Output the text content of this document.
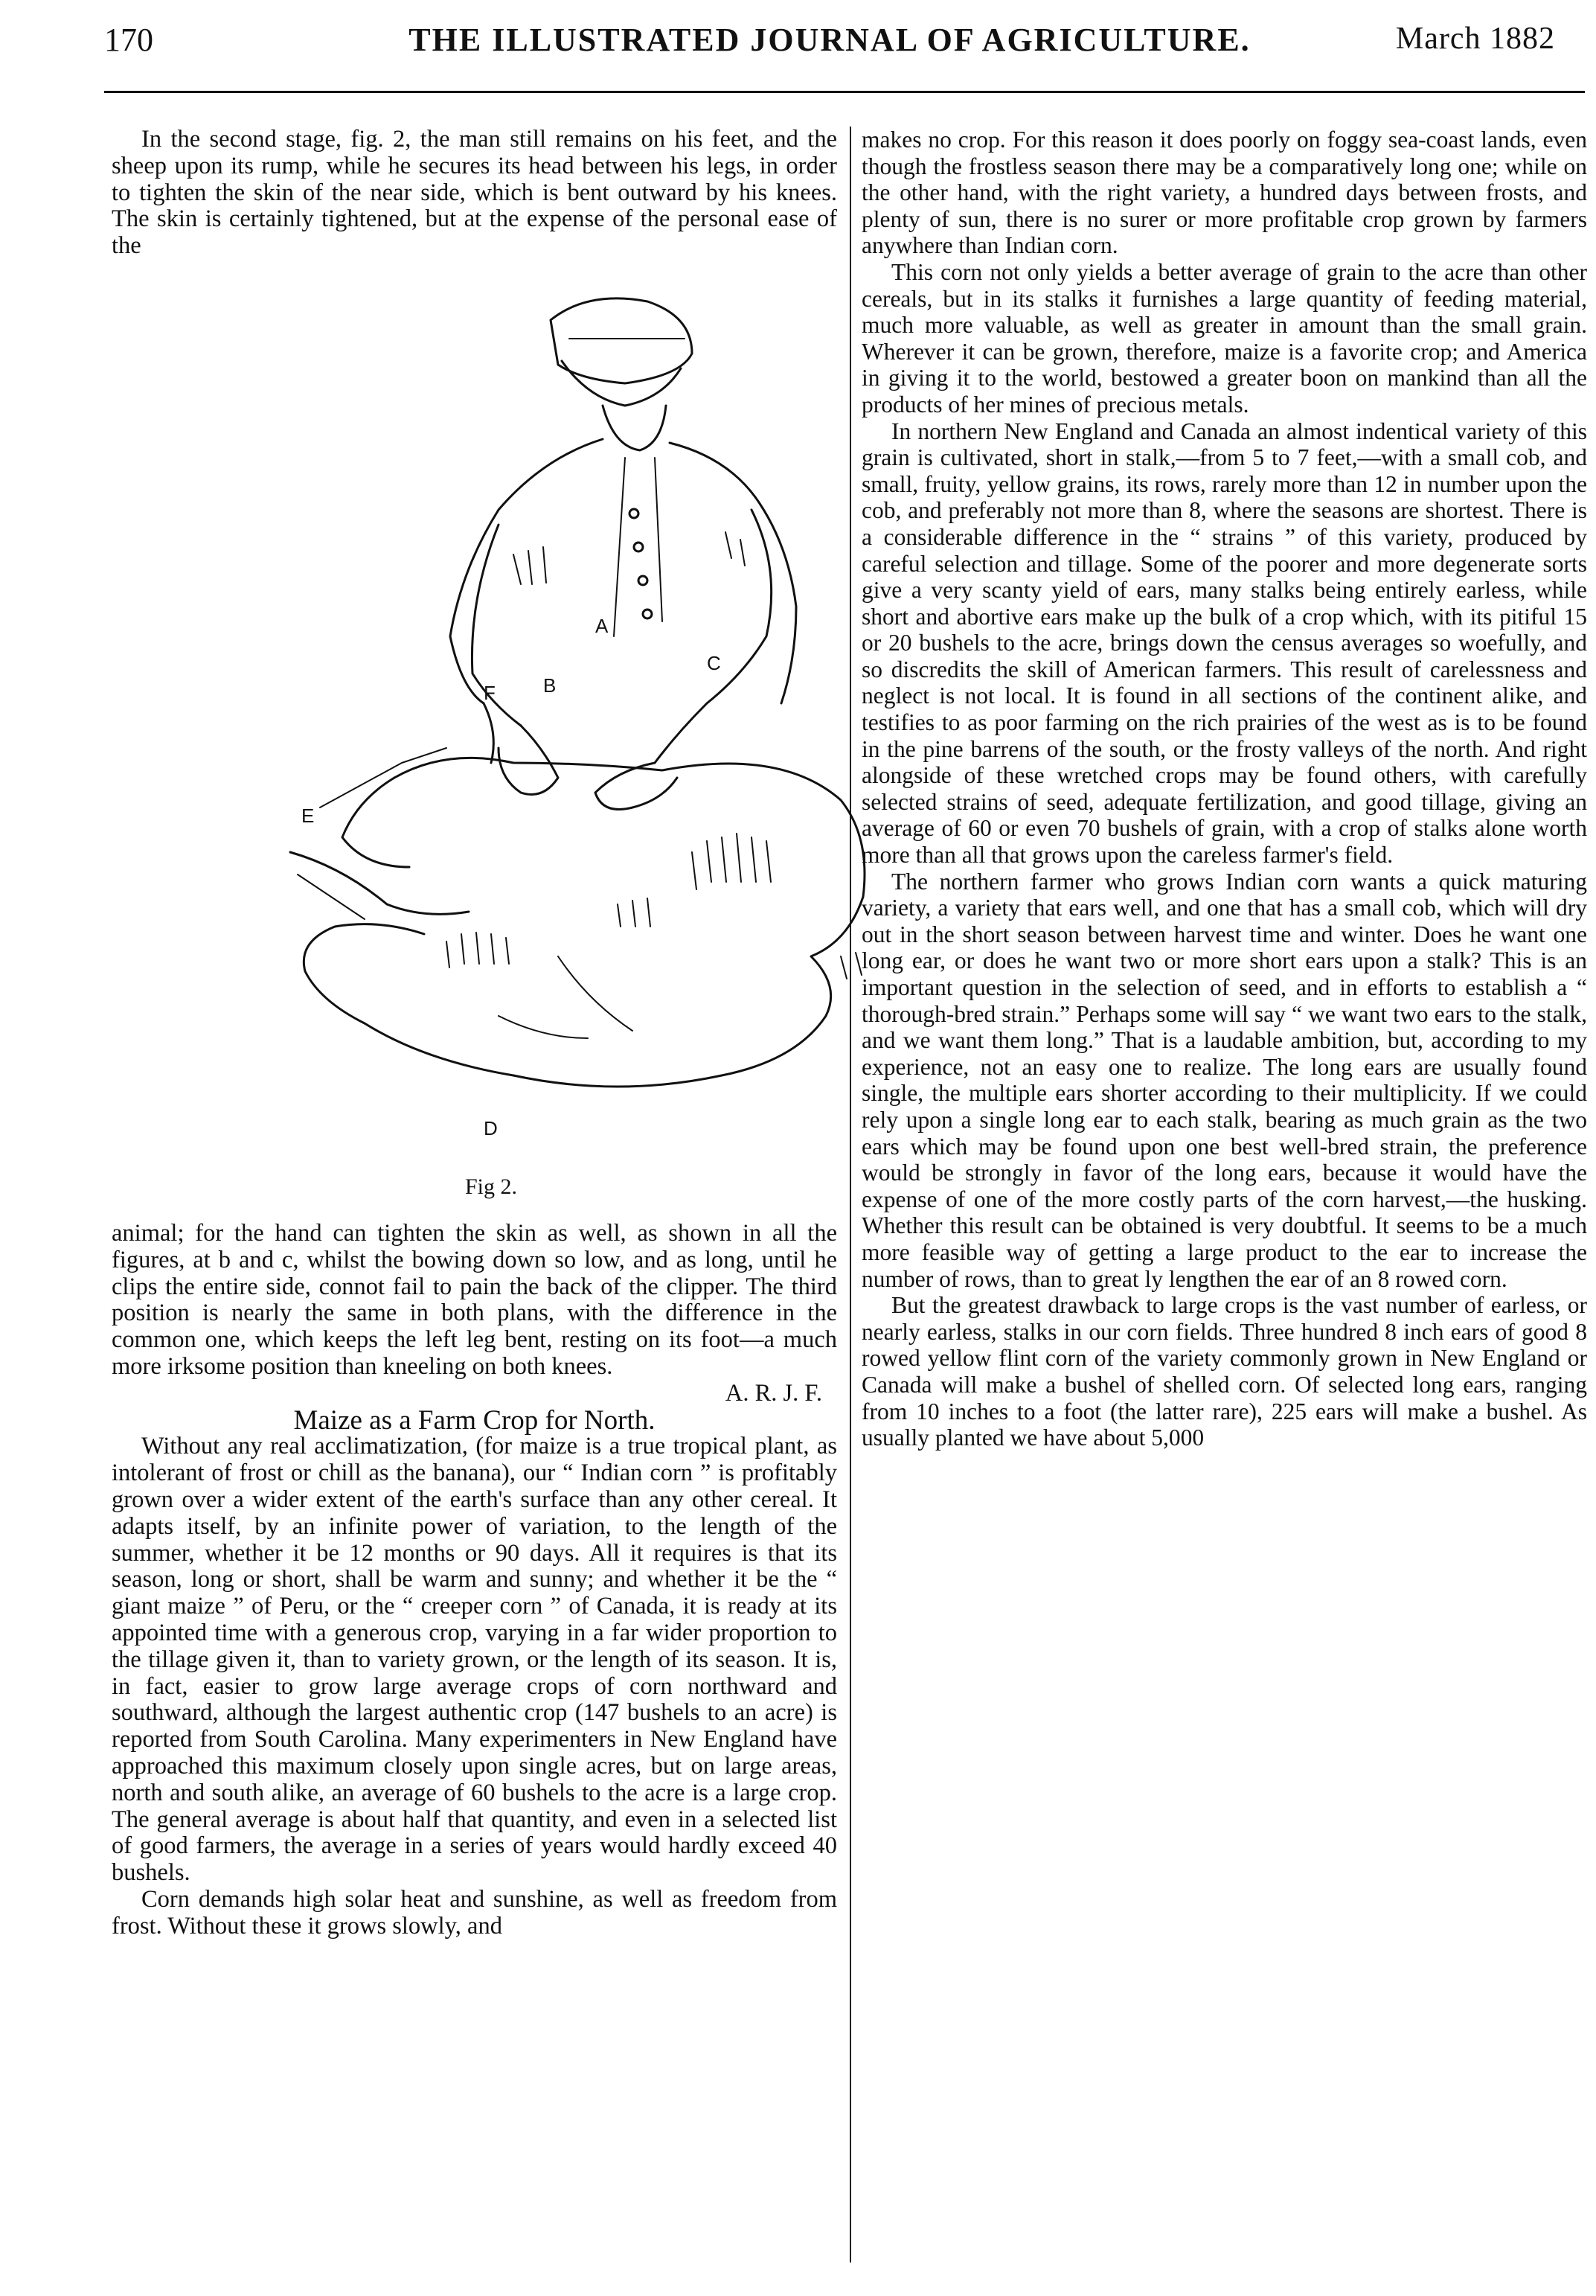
170	THE ILLUSTRATED JOURNAL OF AGRICULTURE.	March 1882

In the second stage, fig. 2, the man still remains on his feet, and the sheep upon its rump, while he secures its head between his legs, in order to tighten the skin of the near side, which is bent outward by his knees. The skin is certainly tightened, but at the expense of the personal ease of the

A
C
B
F
E
D
Fig 2.

animal; for the hand can tighten the skin as well, as shown in all the figures, at b and c, whilst the bowing down so low, and as long, until he clips the entire side, connot fail to pain the back of the clipper. The third position is nearly the same in both plans, with the difference in the common one, which keeps the left leg bent, resting on its foot—a much more irksome position than kneeling on both knees.

A. R. J. F.

Maize as a Farm Crop for North.

Without any real acclimatization, (for maize is a true tropical plant, as intolerant of frost or chill as the banana), our “ Indian corn ” is profitably grown over a wider extent of the earth's surface than any other cereal. It adapts itself, by an infinite power of variation, to the length of the summer, whether it be 12 months or 90 days. All it requires is that its season, long or short, shall be warm and sunny; and whether it be the “ giant maize ” of Peru, or the “ creeper corn ” of Canada, it is ready at its appointed time with a generous crop, varying in a far wider proportion to the tillage given it, than to variety grown, or the length of its season. It is, in fact, easier to grow large average crops of corn northward and southward, although the largest authentic crop (147 bushels to an acre) is reported from South Carolina. Many experimenters in New England have approached this maximum closely upon single acres, but on large areas, north and south alike, an average of 60 bushels to the acre is a large crop. The general average is about half that quantity, and even in a selected list of good farmers, the average in a series of years would hardly exceed 40 bushels.

Corn demands high solar heat and sunshine, as well as freedom from frost. Without these it grows slowly, and

makes no crop. For this reason it does poorly on foggy sea-coast lands, even though the frostless season there may be a comparatively long one; while on the other hand, with the right variety, a hundred days between frosts, and plenty of sun, there is no surer or more profitable crop grown by farmers anywhere than Indian corn.

This corn not only yields a better average of grain to the acre than other cereals, but in its stalks it furnishes a large quantity of feeding material, much more valuable, as well as greater in amount than the small grain. Wherever it can be grown, therefore, maize is a favorite crop; and America in giving it to the world, bestowed a greater boon on mankind than all the products of her mines of precious metals.

In northern New England and Canada an almost indentical variety of this grain is cultivated, short in stalk,—from 5 to 7 feet,—with a small cob, and small, fruity, yellow grains, its rows, rarely more than 12 in number upon the cob, and preferably not more than 8, where the seasons are shortest. There is a considerable difference in the “ strains ” of this variety, produced by careful selection and tillage. Some of the poorer and more degenerate sorts give a very scanty yield of ears, many stalks being entirely earless, while short and abortive ears make up the bulk of a crop which, with its pitiful 15 or 20 bushels to the acre, brings down the census averages so woefully, and so discredits the skill of American farmers. This result of carelessness and neglect is not local. It is found in all sections of the continent alike, and testifies to as poor farming on the rich prairies of the west as is to be found in the pine barrens of the south, or the frosty valleys of the north. And right alongside of these wretched crops may be found others, with carefully selected strains of seed, adequate fertilization, and good tillage, giving an average of 60 or even 70 bushels of grain, with a crop of stalks alone worth more than all that grows upon the careless farmer's field.

The northern farmer who grows Indian corn wants a quick maturing variety, a variety that ears well, and one that has a small cob, which will dry out in the short season between harvest time and winter. Does he want one long ear, or does he want two or more short ears upon a stalk? This is an important question in the selection of seed, and in efforts to establish a “ thorough-bred strain.” Perhaps some will say “ we want two ears to the stalk, and we want them long.” That is a laudable ambition, but, according to my experience, not an easy one to realize. The long ears are usually found single, the multiple ears shorter according to their multiplicity. If we could rely upon a single long ear to each stalk, bearing as much grain as the two ears which may be found upon one best well-bred strain, the preference would be strongly in favor of the long ears, because it would have the expense of one of the more costly parts of the corn harvest,—the husking. Whether this result can be obtained is very doubtful. It seems to be a much more feasible way of getting a large product to the ear to increase the number of rows, than to great ly lengthen the ear of an 8 rowed corn.

But the greatest drawback to large crops is the vast number of earless, or nearly earless, stalks in our corn fields. Three hundred 8 inch ears of good 8 rowed yellow flint corn of the variety commonly grown in New England or Canada will make a bushel of shelled corn. Of selected long ears, ranging from 10 inches to a foot (the latter rare), 225 ears will make a bushel. As usually planted we have about 5,000
